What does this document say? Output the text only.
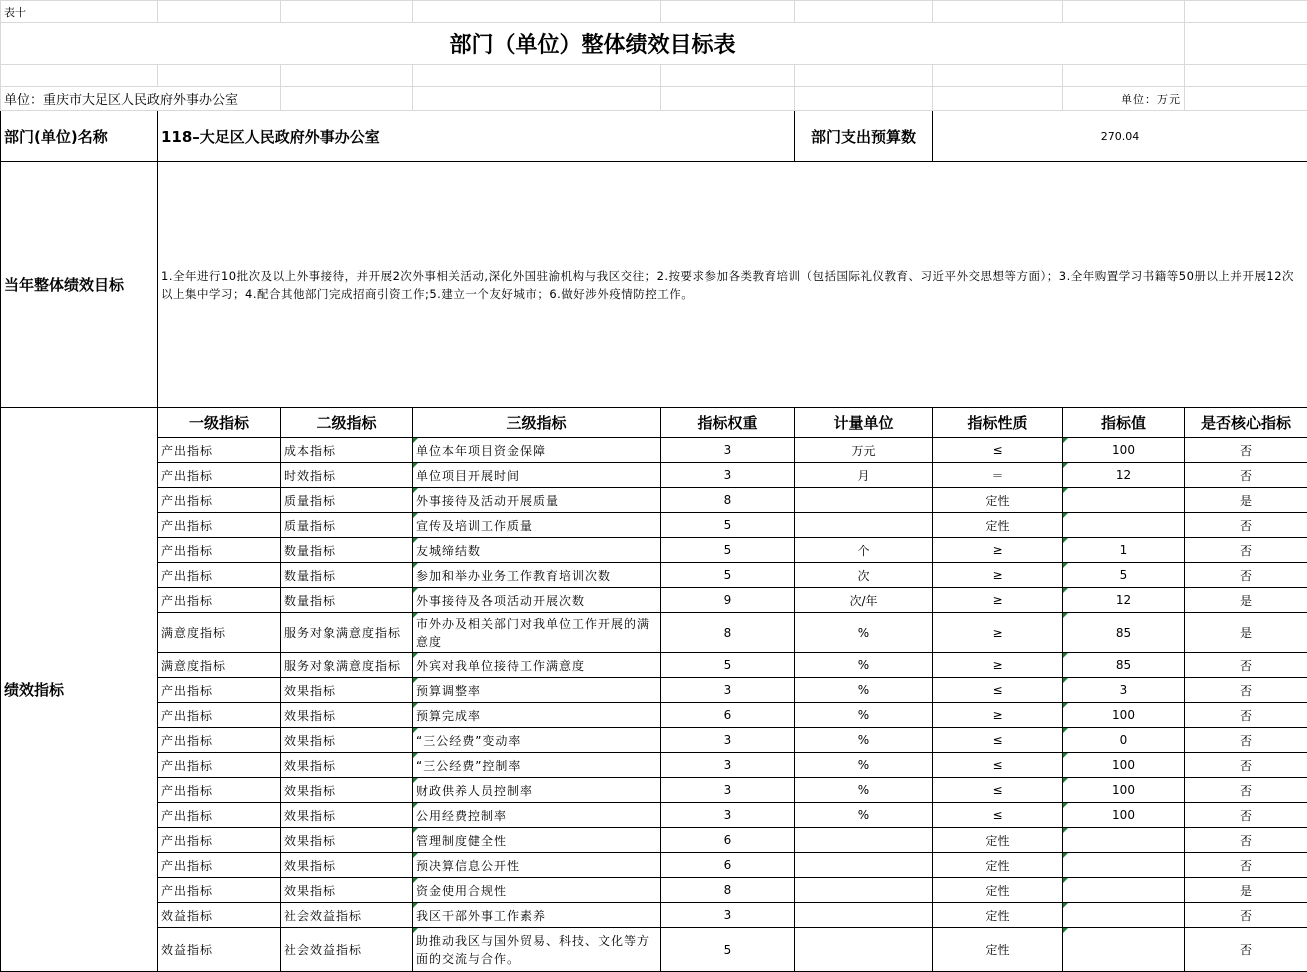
表十								
部门（单位）整体绩效目标表								

单位：重庆市大足区人民政府外事办公室							单位：万元	
部门(单位)名称	118–大足区人民政府外事办公室				部门支出预算数	270.04		
当年整体绩效目标	1.全年进行10批次及以上外事接待，并开展2次外事相关活动,深化外国驻渝机构与我区交往；2.按要求参加各类教育培训（包括国际礼仪教育、习近平外交思想等方面）；3.全年购置学习书籍等50册以上并开展12次以上集中学习；4.配合其他部门完成招商引资工作;5.建立一个友好城市；6.做好涉外疫情防控工作。							
绩效指标	一级指标	二级指标	三级指标	指标权重	计量单位	指标性质	指标值	是否核心指标
	产出指标	成本指标	单位本年项目资金保障	3	万元	≤	100	否
	产出指标	时效指标	单位项目开展时间	3	月	＝	12	否
	产出指标	质量指标	外事接待及活动开展质量	8		定性		是
	产出指标	质量指标	宣传及培训工作质量	5		定性		否
	产出指标	数量指标	友城缔结数	5	个	≥	1	否
	产出指标	数量指标	参加和举办业务工作教育培训次数	5	次	≥	5	否
	产出指标	数量指标	外事接待及各项活动开展次数	9	次/年	≥	12	是
	满意度指标	服务对象满意度指标	市外办及相关部门对我单位工作开展的满意度	8	%	≥	85	是
	满意度指标	服务对象满意度指标	外宾对我单位接待工作满意度	5	%	≥	85	否
	产出指标	效果指标	预算调整率	3	%	≤	3	否
	产出指标	效果指标	预算完成率	6	%	≥	100	否
	产出指标	效果指标	“三公经费”变动率	3	%	≤	0	否
	产出指标	效果指标	“三公经费”控制率	3	%	≤	100	否
	产出指标	效果指标	财政供养人员控制率	3	%	≤	100	否
	产出指标	效果指标	公用经费控制率	3	%	≤	100	否
	产出指标	效果指标	管理制度健全性	6		定性		否
	产出指标	效果指标	预决算信息公开性	6		定性		否
	产出指标	效果指标	资金使用合规性	8		定性		是
	效益指标	社会效益指标	我区干部外事工作素养	3		定性		否
	效益指标	社会效益指标	助推动我区与国外贸易、科技、文化等方面的交流与合作。	5		定性		否
